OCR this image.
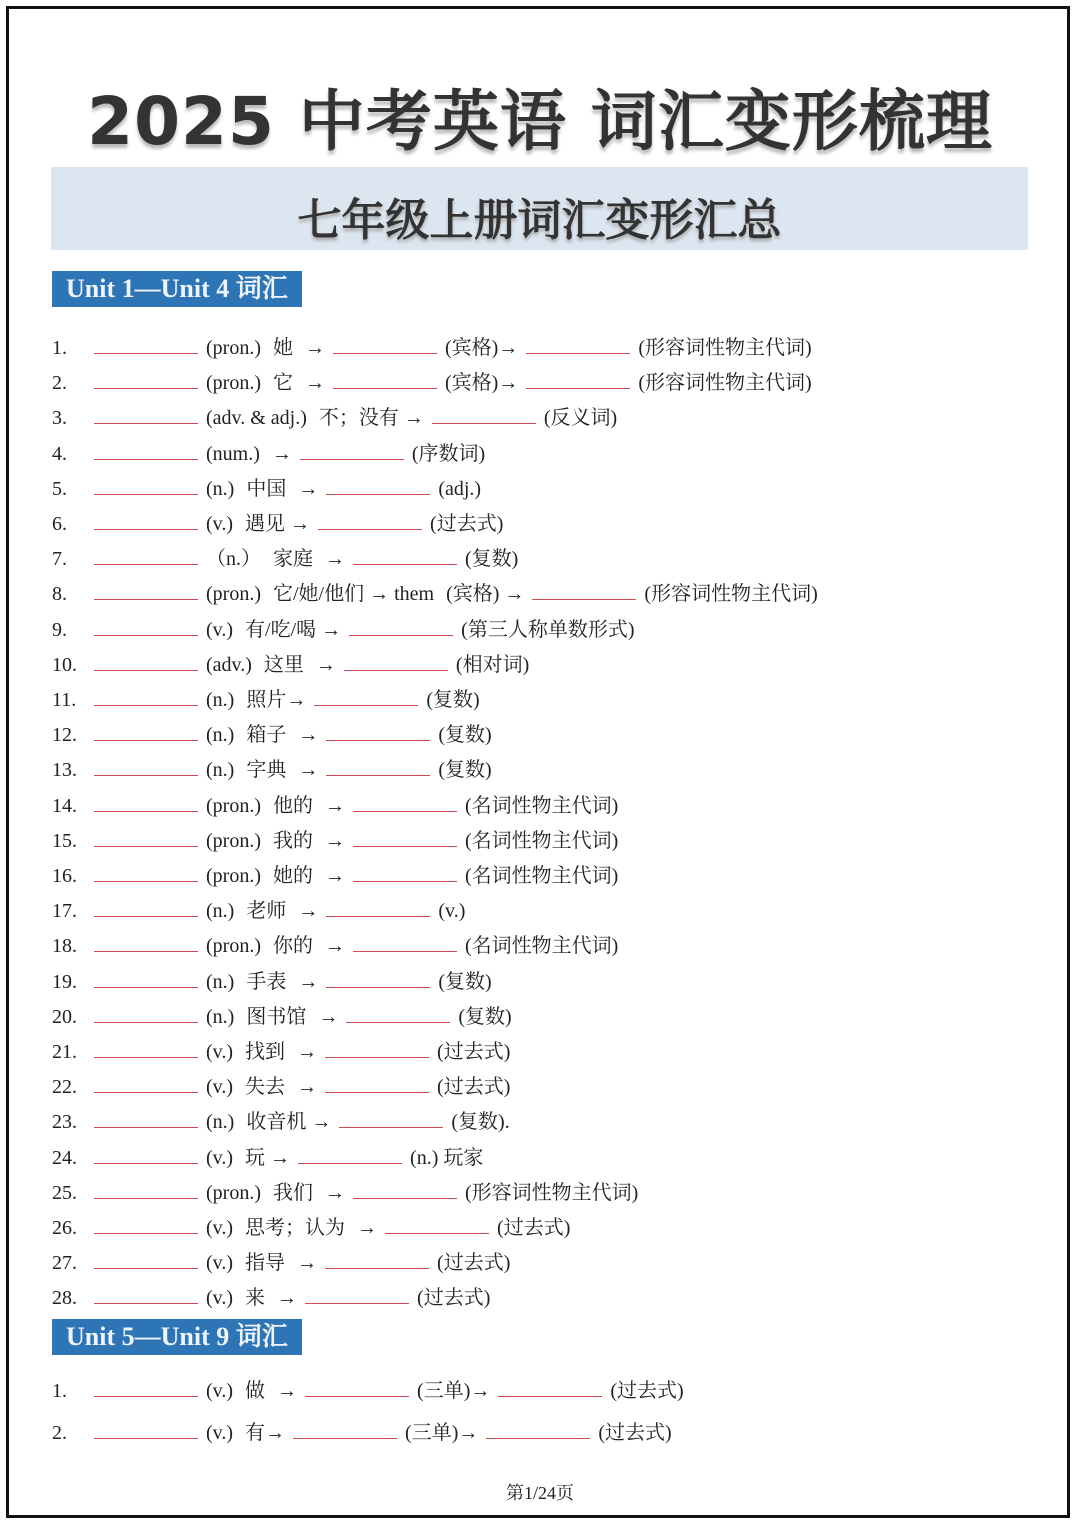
2025 中考英语 词汇变形梳理
七年级上册词汇变形汇总
Unit 1—Unit 4 词汇
Unit 5—Unit 9 词汇
1.	(pron.) 她 →	(宾格)→	(形容词性物主代词)
2.	(pron.) 它 →	(宾格)→	(形容词性物主代词)
3.	(adv. & adj.) 不；没有 →	(反义词)
4.	(num.) →	(序数词)
5.	(n.) 中国 →	(adj.)
6.	(v.) 遇见 →	(过去式)
7.	（n.） 家庭 →	(复数)
8.	(pron.) 它/她/他们 → them (宾格) →	(形容词性物主代词)
9.	(v.) 有/吃/喝 →	(第三人称单数形式)
10.	(adv.) 这里 →	(相对词)
11.	(n.) 照片→	(复数)
12.	(n.) 箱子 →	(复数)
13.	(n.) 字典 →	(复数)
14.	(pron.) 他的 →	(名词性物主代词)
15.	(pron.) 我的 →	(名词性物主代词)
16.	(pron.) 她的 →	(名词性物主代词)
17.	(n.) 老师 →	(v.)
18.	(pron.) 你的 →	(名词性物主代词)
19.	(n.) 手表 →	(复数)
20.	(n.) 图书馆 →	(复数)
21.	(v.) 找到 →	(过去式)
22.	(v.) 失去 →	(过去式)
23.	(n.) 收音机 →	(复数).
24.	(v.) 玩 →	(n.) 玩家
25.	(pron.) 我们 →	(形容词性物主代词)
26.	(v.) 思考；认为 →	(过去式)
27.	(v.) 指导 →	(过去式)
28.	(v.) 来 →	(过去式)
1.	(v.) 做 →	(三单)→	(过去式)
2.	(v.) 有→	(三单)→	(过去式)
第1/24页
